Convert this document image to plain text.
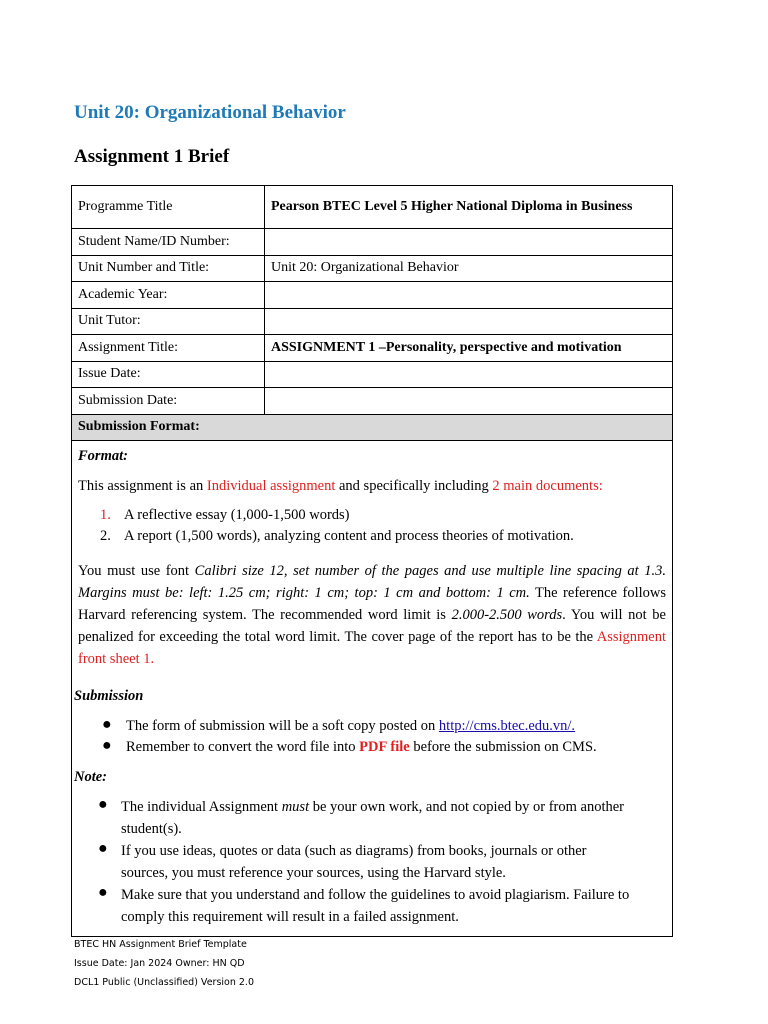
Unit 20: Organizational Behavior
Assignment 1 Brief
Programme Title	Pearson BTEC Level 5 Higher National Diploma in Business
Student Name/ID Number:	
Unit Number and Title:	Unit 20: Organizational Behavior
Academic Year:	
Unit Tutor:	
Assignment Title:	ASSIGNMENT 1 –Personality, perspective and motivation
Issue Date:	
Submission Date:	
Submission Format:	
Format:
This assignment is an Individual assignment and specifically including 2 main documents:
1. A reflective essay (1,000-1,500 words)
2. A report (1,500 words), analyzing content and process theories of motivation.

You must use font Calibri size 12, set number of the pages and use multiple line spacing at 1.3. Margins must be: left: 1.25 cm; right: 1 cm; top: 1 cm and bottom: 1 cm. The reference follows Harvard referencing system. The recommended word limit is 2.000-2.500 words. You will not be penalized for exceeding the total word limit. The cover page of the report has to be the Assignment front sheet 1.

Submission
● The form of submission will be a soft copy posted on http://cms.btec.edu.vn/.
● Remember to convert the word file into PDF file before the submission on CMS.
Note:
● The individual Assignment must be your own work, and not copied by or from another
student(s).
● If you use ideas, quotes or data (such as diagrams) from books, journals or other
sources, you must reference your sources, using the Harvard style.
● Make sure that you understand and follow the guidelines to avoid plagiarism. Failure to
comply this requirement will result in a failed assignment.
BTEC HN Assignment Brief Template
Issue Date: Jan 2024 Owner: HN QD
DCL1 Public (Unclassified) Version 2.0
